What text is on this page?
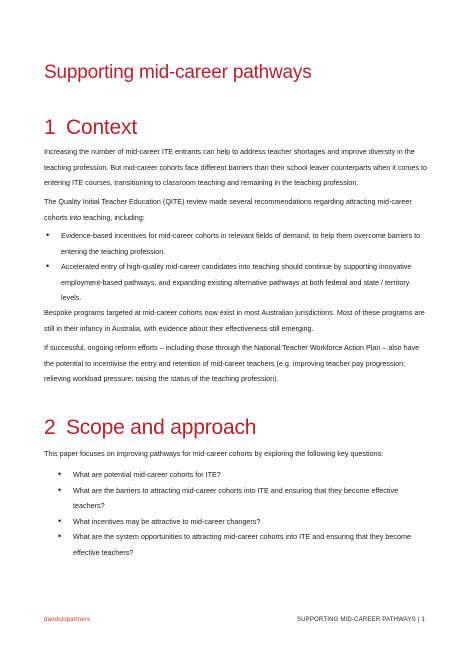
Supporting mid-career pathways
1 Context

Increasing the number of mid-career ITE entrants can help to address teacher shortages and improve diversity in the teaching profession. But mid-career cohorts face different barriers than their school leaver counterparts when it comes to entering ITE courses, transitioning to classroom teaching and remaining in the teaching profession.

The Quality Initial Teacher Education (QITE) review made several recommendations regarding attracting mid-career cohorts into teaching, including:

• Evidence-based incentives for mid-career cohorts in relevant fields of demand, to help them overcome barriers to entering the teaching profession.
• Accelerated entry of high-quality mid-career candidates into teaching should continue by supporting innovative employment-based pathways; and expanding existing alternative pathways at both federal and state / territory levels.

Bespoke programs targeted at mid-career cohorts now exist in most Australian jurisdictions. Most of these programs are still in their infancy in Australia, with evidence about their effectiveness still emerging.

If successful, ongoing reform efforts – including those through the National Teacher Workforce Action Plan – also have the potential to incentivise the entry and retention of mid-career teachers (e.g. improving teacher pay progression; relieving workload pressure; raising the status of the teaching profession).

2 Scope and approach

This paper focuses on improving pathways for mid-career cohorts by exploring the following key questions:

• What are potential mid-career cohorts for ITE?
• What are the barriers to attracting mid-career cohorts into ITE and ensuring that they become effective teachers?
• What incentives may be attractive to mid-career changers?
• What are the system opportunities to attracting mid-career cohorts into ITE and ensuring that they become effective teachers?
dandolopartners	SUPPORTING MID-CAREER PATHWAYS | 1
